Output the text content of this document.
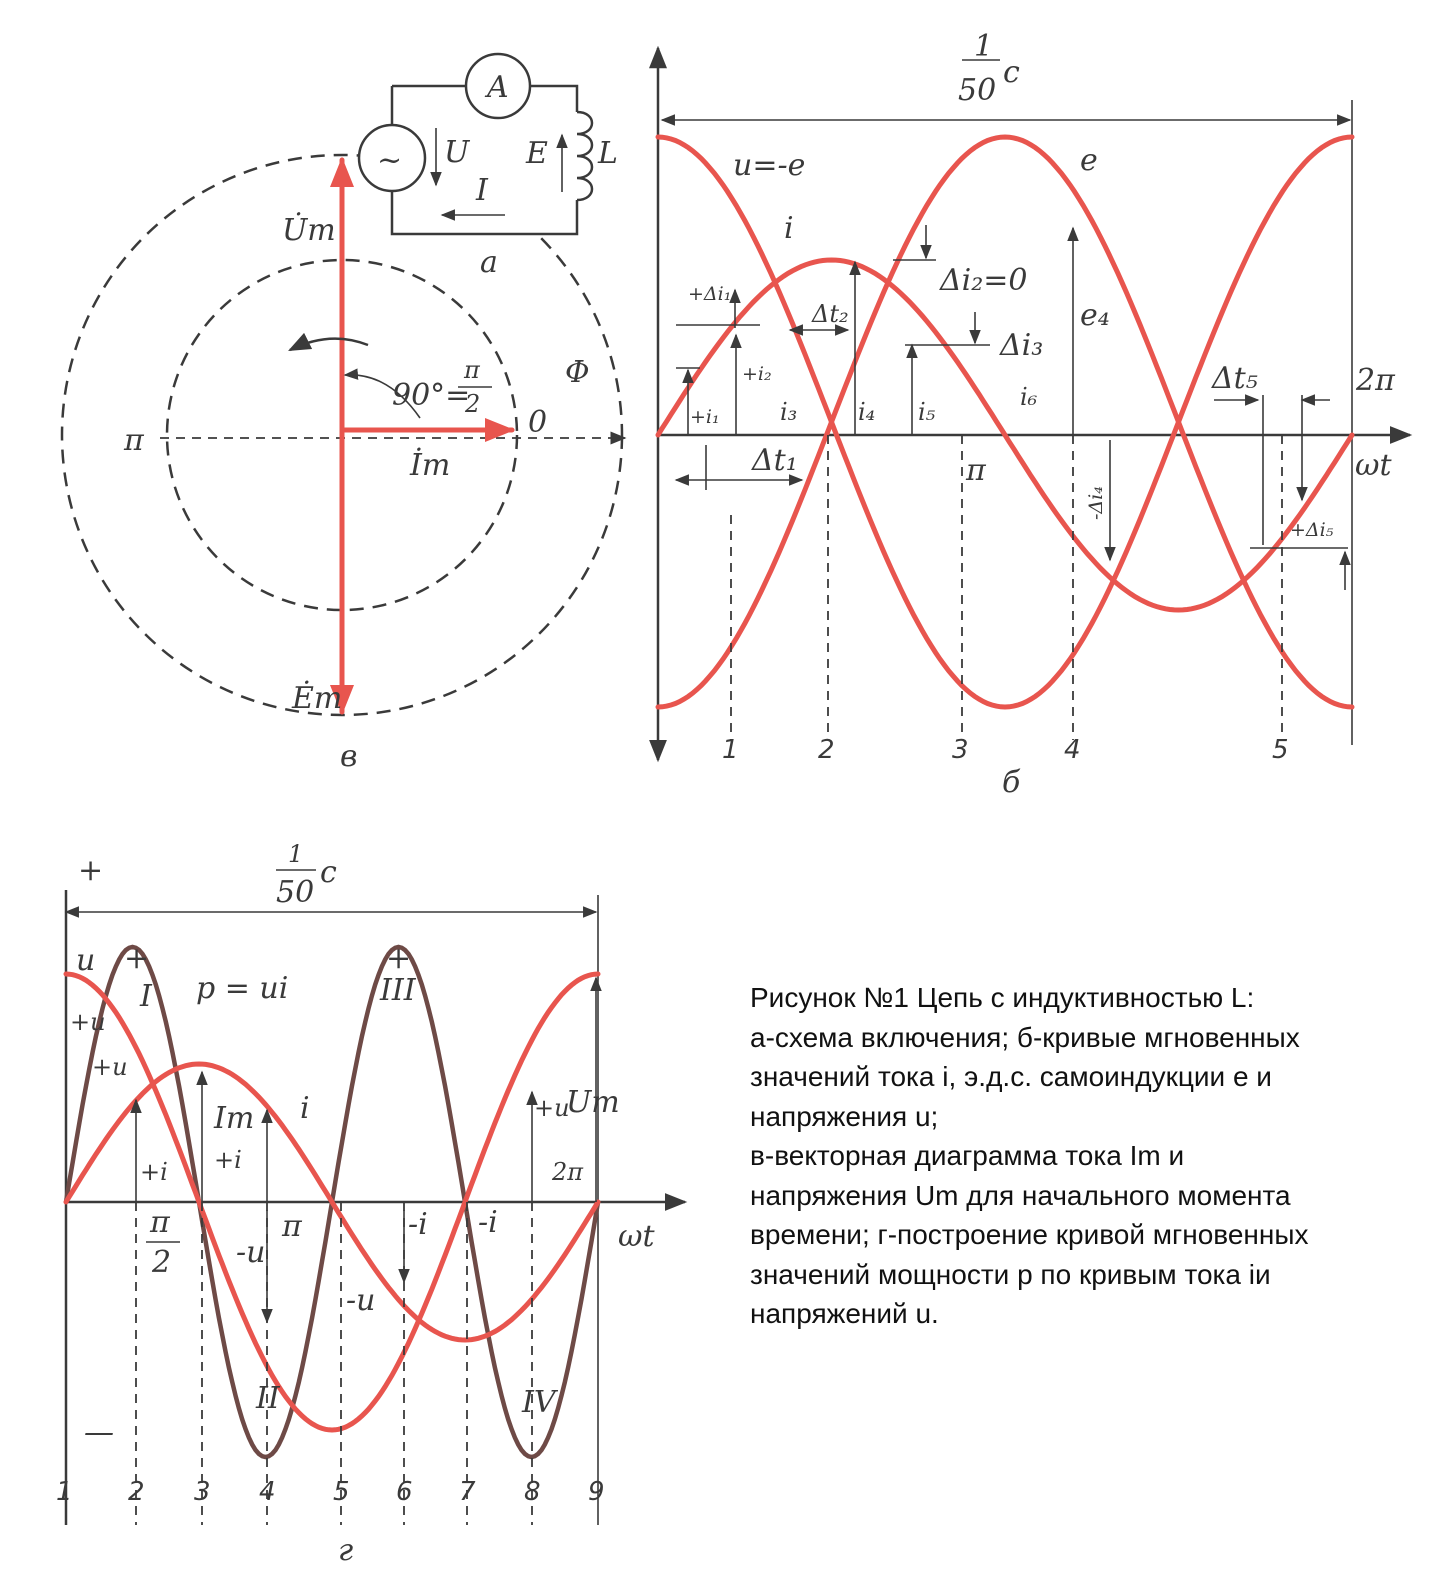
1
50
с
u=-e	e
i
+Δi₁	Δi₂=0
Δt₂
Δi₃
e₄
+i₁
+i₂
i₃	i₄ i₅
i₆
Δt₁	π
-Δi₄
Δt₅	2π
+Δi₅
ωt
1	2	3	4	5
б
U̇m
Ėm
İm
90°=
π
2
π
0
Φ
в
A
~ U E L
I
а
1
50
с
+
—
u +
I p = ui
+
III
II	IV
+u
+u
+i
Im
+i
i
-u
-u
-i -i
+u
Um
2π
π
π
2
ωt
1 2 3 4 5 6 7 8 9
г
Рисунок №1 Цепь с индуктивностью L:
а-схема включения; б-кривые мгновенных
значений тока i, э.д.с. самоиндукции е и
напряжения u;
в-векторная диаграмма тока Im и
напряжения Um для начального момента
времени; г-построение кривой мгновенных
значений мощности р по кривым тока iи
напряжений u.
